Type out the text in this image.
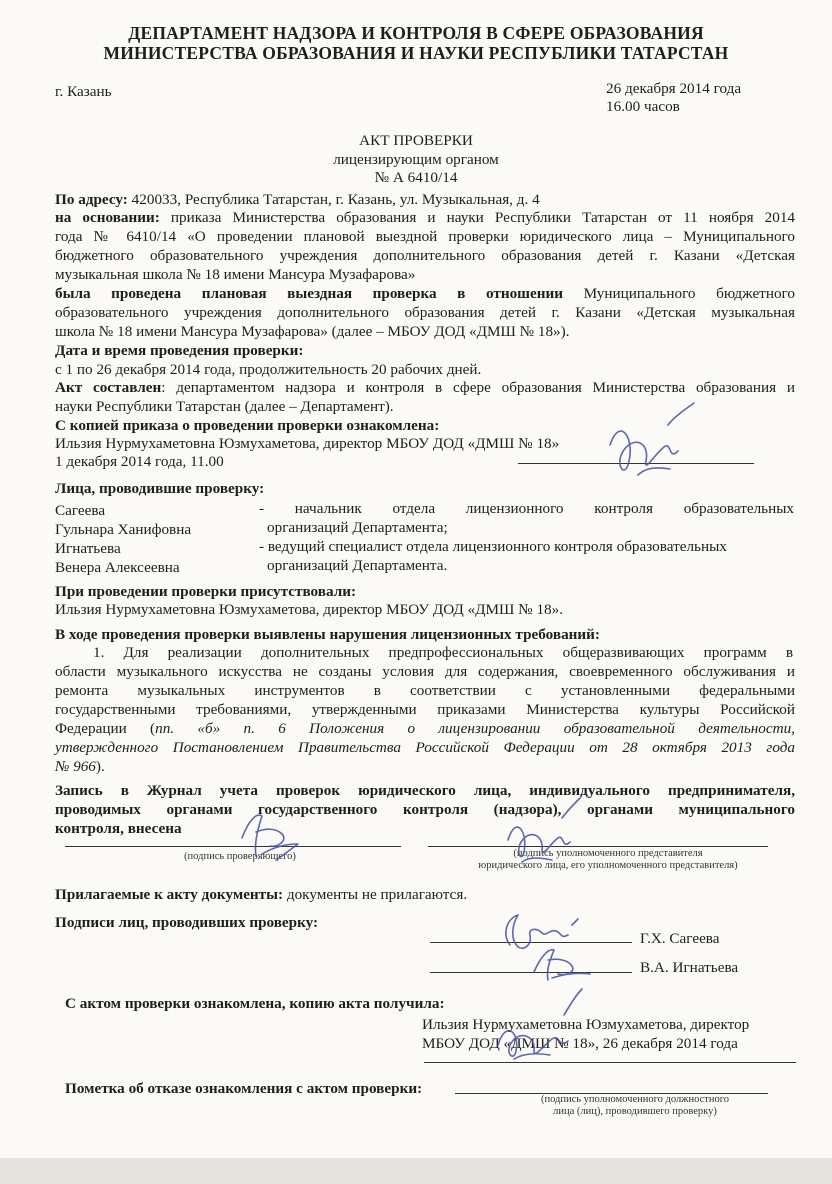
ДЕПАРТАМЕНТ НАДЗОРА И КОНТРОЛЯ В СФЕРЕ ОБРАЗОВАНИЯ
МИНИСТЕРСТВА ОБРАЗОВАНИЯ И НАУКИ РЕСПУБЛИКИ ТАТАРСТАН
г. Казань	26 декабря 2014 года
16.00 часов
АКТ ПРОВЕРКИ
лицензирующим органом
№ А 6410/14
По адресу: 420033, Республика Татарстан, г. Казань, ул. Музыкальная, д. 4
на основании: приказа Министерства образования и науки Республики Татарстан от 11 ноября 2014
года № 6410/14 «О проведении плановой выездной проверки юридического лица – Муниципального
бюджетного образовательного учреждения дополнительного образования детей г. Казани «Детская
музыкальная школа № 18 имени Мансура Музафарова»
была проведена плановая выездная проверка в отношении Муниципального бюджетного
образовательного учреждения дополнительного образования детей г. Казани «Детская музыкальная
школа № 18 имени Мансура Музафарова» (далее – МБОУ ДОД «ДМШ № 18»).
Дата и время проведения проверки:
с 1 по 26 декабря 2014 года, продолжительность 20 рабочих дней.
Акт составлен: департаментом надзора и контроля в сфере образования Министерства образования и
науки Республики Татарстан (далее – Департамент).
С копией приказа о проведении проверки ознакомлена:
Ильзия Нурмухаметовна Юзмухаметова, директор МБОУ ДОД «ДМШ № 18»
1 декабря 2014 года, 11.00
Лица, проводившие проверку:
Сагеева
Гульнара Ханифовна
Игнатьева
Венера Алексеевна
- начальник отдела лицензионного контроля образовательных
организаций Департамента;
- ведущий специалист отдела лицензионного контроля образовательных
организаций Департамента.
При проведении проверки присутствовали:
Ильзия Нурмухаметовна Юзмухаметова, директор МБОУ ДОД «ДМШ № 18».
В ходе проведения проверки выявлены нарушения лицензионных требований:
1. Для реализации дополнительных предпрофессиональных общеразвивающих программ в
области музыкального искусства не созданы условия для содержания, своевременного обслуживания и
ремонта музыкальных инструментов в соответствии с установленными федеральными
государственными требованиями, утвержденными приказами Министерства культуры Российской
Федерации (пп. «б» п. 6 Положения о лицензировании образовательной деятельности,
утвержденного Постановлением Правительства Российской Федерации от 28 октября 2013 года
№ 966).
Запись в Журнал учета проверок юридического лица, индивидуального предпринимателя,
проводимых органами государственного контроля (надзора), органами муниципального
контроля, внесена
(подпись проверяющего)	(подпись уполномоченного представителя
юридического лица, его уполномоченного представителя)
Прилагаемые к акту документы: документы не прилагаются.
Подписи лиц, проводивших проверку:
Г.Х. Сагеева
В.А. Игнатьева
С актом проверки ознакомлена, копию акта получила:
Ильзия Нурмухаметовна Юзмухаметова, директор
МБОУ ДОД «ДМШ № 18», 26 декабря 2014 года
Пометка об отказе ознакомления с актом проверки:
(подпись уполномоченного должностного
лица (лиц), проводившего проверку)
